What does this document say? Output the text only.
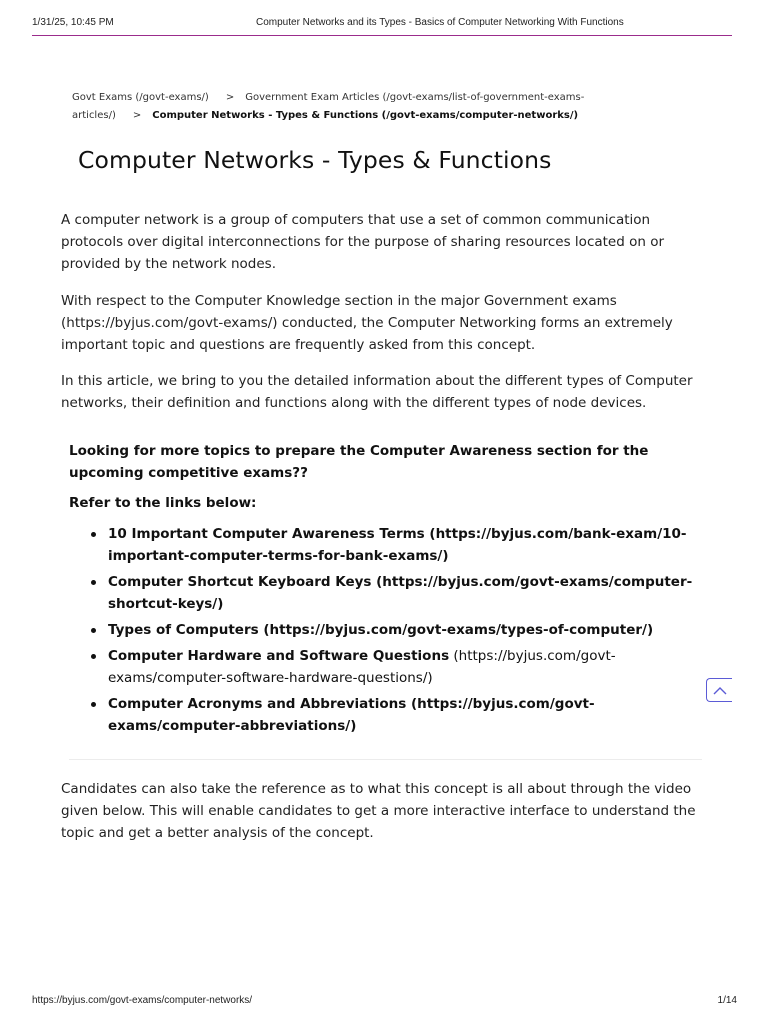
1/31/25, 10:45 PM	Computer Networks and its Types - Basics of Computer Networking With Functions
Govt Exams (/govt-exams/) > Government Exam Articles (/govt-exams/list-of-government-exams-articles/) > Computer Networks - Types & Functions (/govt-exams/computer-networks/)
Computer Networks - Types & Functions

A computer network is a group of computers that use a set of common communication protocols over digital interconnections for the purpose of sharing resources located on or provided by the network nodes.

With respect to the Computer Knowledge section in the major Government exams (https://byjus.com/govt-exams/) conducted, the Computer Networking forms an extremely important topic and questions are frequently asked from this concept.

In this article, we bring to you the detailed information about the different types of Computer networks, their definition and functions along with the different types of node devices.

Looking for more topics to prepare the Computer Awareness section for the upcoming competitive exams??

Refer to the links below:

10 Important Computer Awareness Terms (https://byjus.com/bank-exam/10-important-computer-terms-for-bank-exams/)
Computer Shortcut Keyboard Keys (https://byjus.com/govt-exams/computer-shortcut-keys/)
Types of Computers (https://byjus.com/govt-exams/types-of-computer/)
Computer Hardware and Software Questions (https://byjus.com/govt-exams/computer-software-hardware-questions/)
Computer Acronyms and Abbreviations (https://byjus.com/govt-exams/computer-abbreviations/)

Candidates can also take the reference as to what this concept is all about through the video given below. This will enable candidates to get a more interactive interface to understand the topic and get a better analysis of the concept.

https://byjus.com/govt-exams/computer-networks/	1/14
